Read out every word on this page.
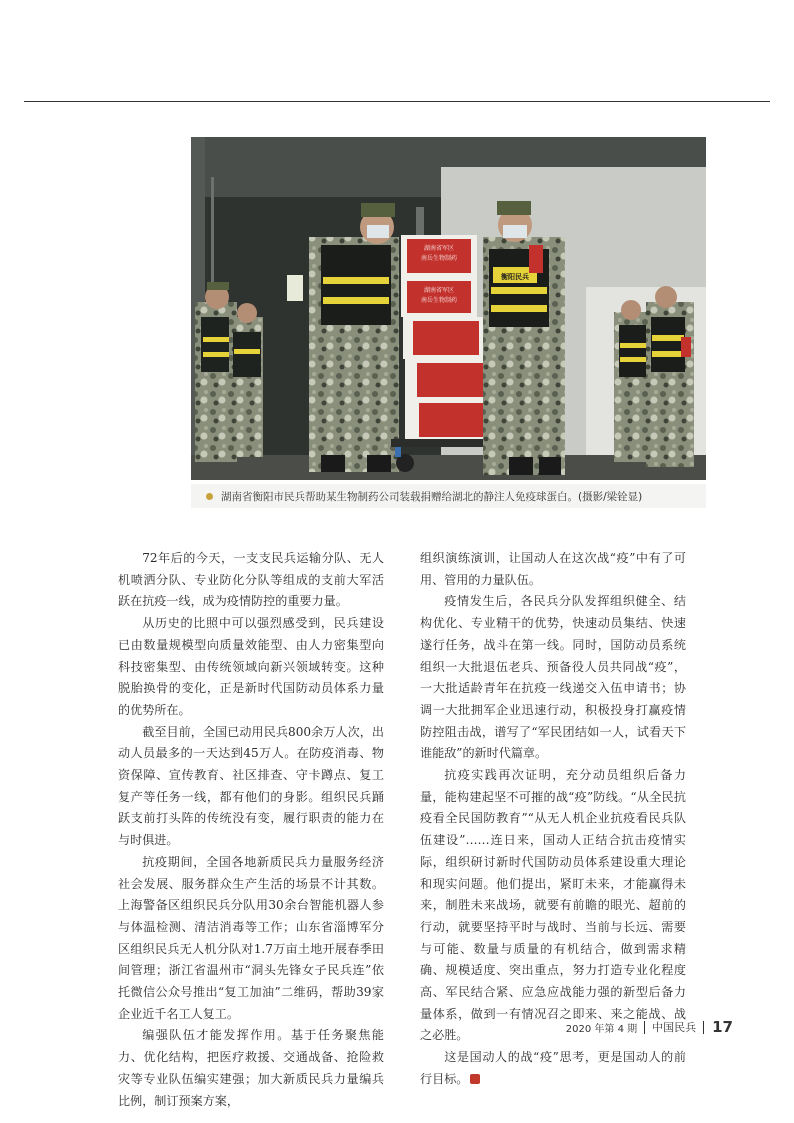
湖南省军区
南岳生物制药
湖南省军区
南岳生物制药
衡阳民兵
湖南省衡阳市民兵帮助某生物制药公司装载捐赠给湖北的静注人免疫球蛋白。(摄影/梁铨显)

72年后的今天，一支支民兵运输分队、无人机喷洒分队、专业防化分队等组成的支前大军活跃在抗疫一线，成为疫情防控的重要力量。

从历史的比照中可以强烈感受到，民兵建设已由数量规模型向质量效能型、由人力密集型向科技密集型、由传统领域向新兴领域转变。这种脱胎换骨的变化，正是新时代国防动员体系力量的优势所在。

截至目前，全国已动用民兵800余万人次，出动人员最多的一天达到45万人。在防疫消毒、物资保障、宣传教育、社区排查、守卡蹲点、复工复产等任务一线，都有他们的身影。组织民兵踊跃支前打头阵的传统没有变，履行职责的能力在与时俱进。

抗疫期间，全国各地新质民兵力量服务经济社会发展、服务群众生产生活的场景不计其数。上海警备区组织民兵分队用30余台智能机器人参与体温检测、清洁消毒等工作；山东省淄博军分区组织民兵无人机分队对1.7万亩土地开展春季田间管理；浙江省温州市“洞头先锋女子民兵连”依托微信公众号推出“复工加油”二维码，帮助39家企业近千名工人复工。

编强队伍才能发挥作用。基于任务聚焦能力、优化结构，把医疗救援、交通战备、抢险救灾等专业队伍编实建强；加大新质民兵力量编兵比例，制订预案方案，

组织演练演训，让国动人在这次战“疫”中有了可用、管用的力量队伍。

疫情发生后，各民兵分队发挥组织健全、结构优化、专业精干的优势，快速动员集结、快速遂行任务，战斗在第一线。同时，国防动员系统组织一大批退伍老兵、预备役人员共同战“疫”，一大批适龄青年在抗疫一线递交入伍申请书；协调一大批拥军企业迅速行动，积极投身打赢疫情防控阻击战，谱写了“军民团结如一人，试看天下谁能敌”的新时代篇章。

抗疫实践再次证明，充分动员组织后备力量，能构建起坚不可摧的战“疫”防线。“从全民抗疫看全民国防教育”“从无人机企业抗疫看民兵队伍建设”……连日来，国动人正结合抗击疫情实际，组织研讨新时代国防动员体系建设重大理论和现实问题。他们提出，紧盯未来，才能赢得未来，制胜未来战场，就要有前瞻的眼光、超前的行动，就要坚持平时与战时、当前与长远、需要与可能、数量与质量的有机结合，做到需求精确、规模适度、突出重点，努力打造专业化程度高、军民结合紧、应急应战能力强的新型后备力量体系，做到一有情况召之即来、来之能战、战之必胜。

这是国动人的战“疫”思考，更是国动人的前行目标。

2020 年第 4 期 中国民兵 17
